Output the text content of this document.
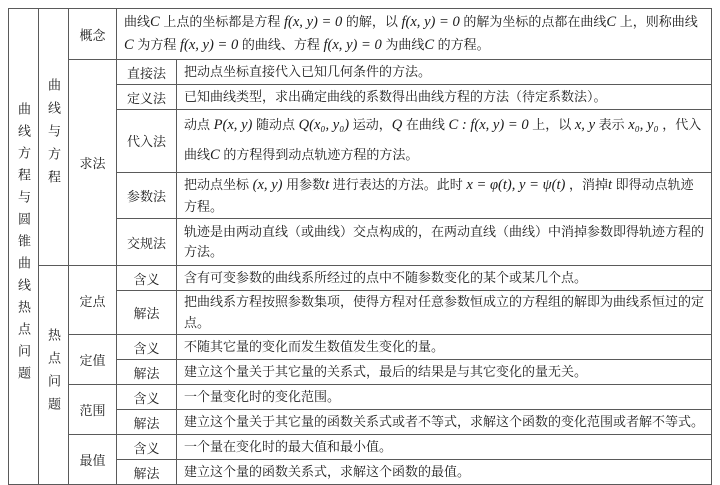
曲线方程与圆锥曲线热点问题	曲线与方程	概念	曲线C 上点的坐标都是方程 f(x, y) = 0 的解，以 f(x, y) = 0 的解为坐标的点都在曲线C 上，则称曲线C 为方程 f(x, y) = 0 的曲线、方程 f(x, y) = 0 为曲线C 的方程。	
		求法	直接法	把动点坐标直接代入已知几何条件的方法。
			定义法	已知曲线类型，求出确定曲线的系数得出曲线方程的方法（待定系数法）。
			代入法	动点 P(x, y) 随动点 Q(x₀, y₀) 运动，Q 在曲线 C : f(x, y) = 0 上，以 x, y 表示 x₀, y₀ ，代入曲线C 的方程得到动点轨迹方程的方法。
			参数法	把动点坐标 (x, y) 用参数t 进行表达的方法。此时 x = φ(t), y = ψ(t) ，消掉t 即得动点轨迹方程。
			交规法	轨迹是由两动直线（或曲线）交点构成的，在两动直线（曲线）中消掉参数即得轨迹方程的方法。
	热点问题	定点	含义	含有可变参数的曲线系所经过的点中不随参数变化的某个或某几个点。
			解法	把曲线系方程按照参数集项，使得方程对任意参数恒成立的方程组的解即为曲线系恒过的定点。
		定值	含义	不随其它量的变化而发生数值发生变化的量。
			解法	建立这个量关于其它量的关系式，最后的结果是与其它变化的量无关。
		范围	含义	一个量变化时的变化范围。
			解法	建立这个量关于其它量的函数关系式或者不等式，求解这个函数的变化范围或者解不等式。
		最值	含义	一个量在变化时的最大值和最小值。
			解法	建立这个量的函数关系式，求解这个函数的最值。
